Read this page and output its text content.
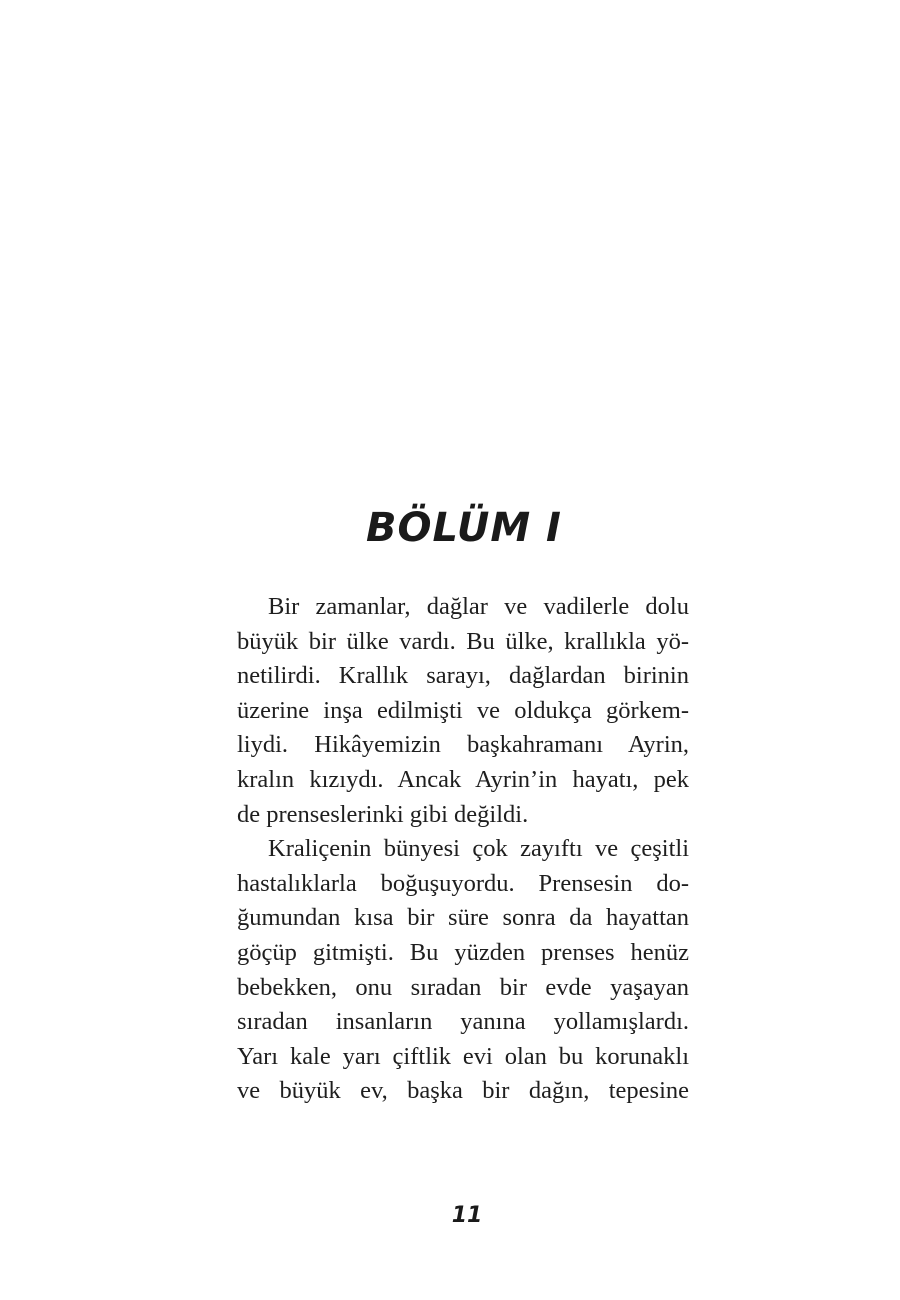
BÖLÜM I
Bir zamanlar, dağlar ve vadilerle dolu
büyük bir ülke vardı. Bu ülke, krallıkla yö-
netilirdi. Krallık sarayı, dağlardan birinin
üzerine inşa edilmişti ve oldukça görkem-
liydi. Hikâyemizin başkahramanı Ayrin,
kralın kızıydı. Ancak Ayrin’in hayatı, pek
de prenseslerinki gibi değildi.
Kraliçenin bünyesi çok zayıftı ve çeşitli
hastalıklarla boğuşuyordu. Prensesin do-
ğumundan kısa bir süre sonra da hayattan
göçüp gitmişti. Bu yüzden prenses henüz
bebekken, onu sıradan bir evde yaşayan
sıradan insanların yanına yollamışlardı.
Yarı kale yarı çiftlik evi olan bu korunaklı
ve büyük ev, başka bir dağın, tepesine
11
